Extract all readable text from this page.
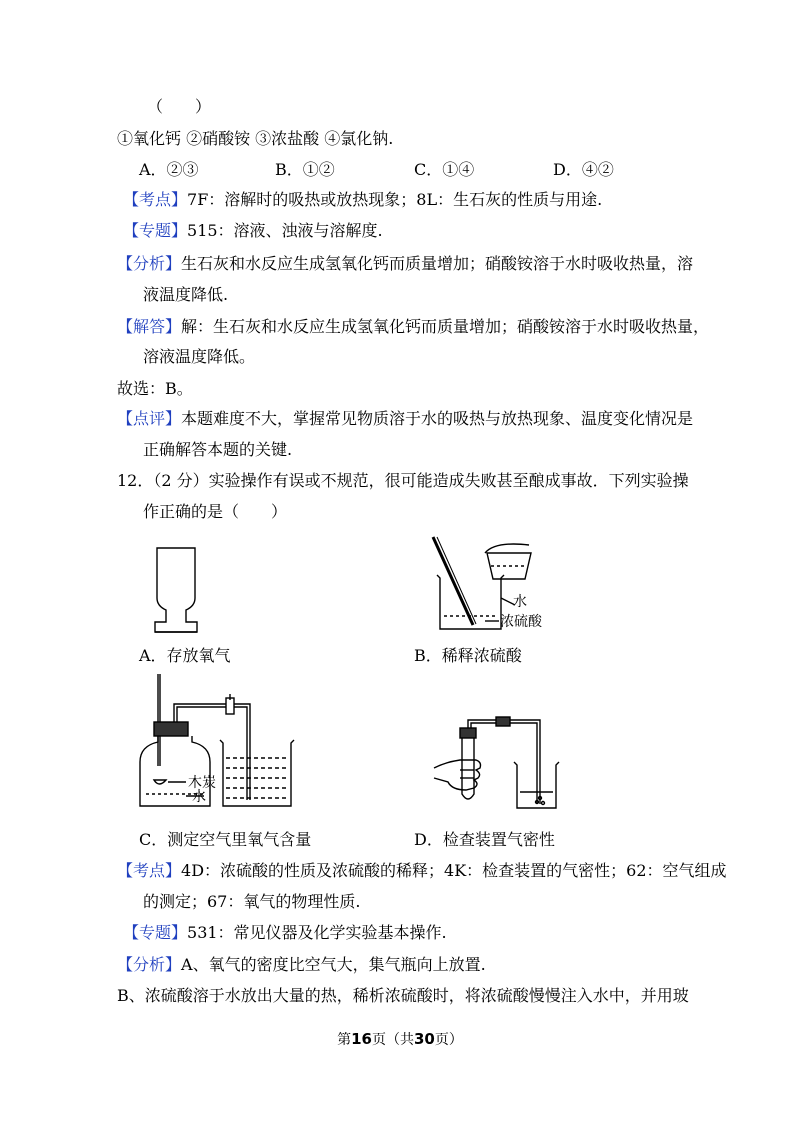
（　　）
①氧化钙 ②硝酸铵 ③浓盐酸 ④氯化钠.
A．②③	B．①②	C．①④	D．④②
【考点】7F：溶解时的吸热或放热现象；8L：生石灰的性质与用途.
【专题】515：溶液、浊液与溶解度.
【分析】生石灰和水反应生成氢氧化钙而质量增加；硝酸铵溶于水时吸收热量，溶
液温度降低.
【解答】解：生石灰和水反应生成氢氧化钙而质量增加；硝酸铵溶于水时吸收热量，
溶液温度降低。
故选：B。
【点评】本题难度不大，掌握常见物质溶于水的吸热与放热现象、温度变化情况是
正确解答本题的关键.
12．（2 分）实验操作有误或不规范，很可能造成失败甚至酿成事故．下列实验操
作正确的是（　　）
水
浓硫酸
A．存放氧气	B．稀释浓硫酸
木炭
水
C．测定空气里氧气含量	D．检查装置气密性
【考点】4D：浓硫酸的性质及浓硫酸的稀释；4K：检查装置的气密性；62：空气组成
的测定；67：氧气的物理性质.
【专题】531：常见仪器及化学实验基本操作.
【分析】A、氧气的密度比空气大，集气瓶向上放置.
B、浓硫酸溶于水放出大量的热，稀析浓硫酸时，将浓硫酸慢慢注入水中，并用玻
第16页（共30页）
